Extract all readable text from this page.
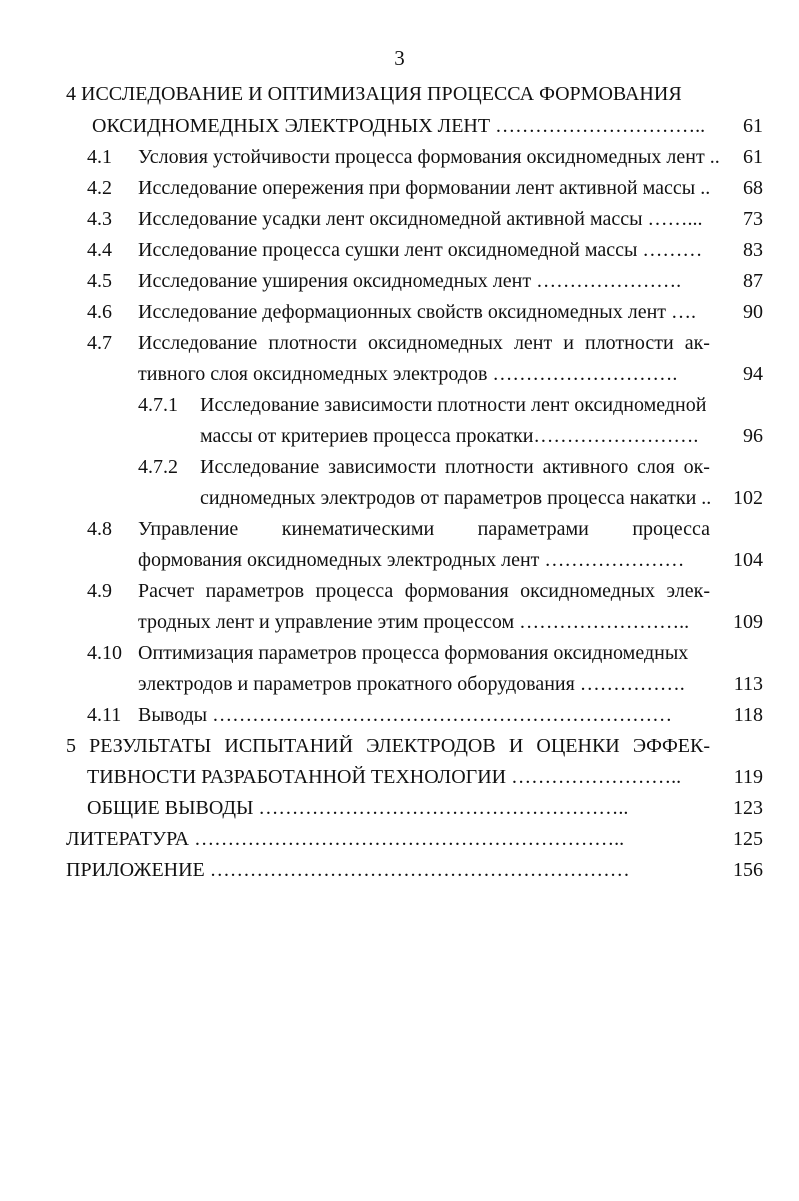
3
4 ИССЛЕДОВАНИЕ И ОПТИМИЗАЦИЯ ПРОЦЕССА ФОРМОВАНИЯ
ОКСИДНОМЕДНЫХ ЭЛЕКТРОДНЫХ ЛЕНТ …………………………..	61
4.1 Условия устойчивости процесса формования оксидномедных лент ..	61
4.2 Исследование опережения при формовании лент активной массы ..	68
4.3 Исследование усадки лент оксидномедной активной массы ……...	73
4.4 Исследование процесса сушки лент оксидномедной массы ………	83
4.5 Исследование уширения оксидномедных лент ………………….	87
4.6 Исследование деформационных свойств оксидномедных лент ….	90
4.7 Исследование плотности оксидномедных лент и плотности ак-
тивного слоя оксидномедных электродов ……………………….	94
4.7.1 Исследование зависимости плотности лент оксидномедной
массы от критериев процесса прокатки…………………….	96
4.7.2 Исследование зависимости плотности активного слоя ок-
сидномедных электродов от параметров процесса накатки ..	102
4.8 Управление кинематическими параметрами процесса
формования оксидномедных электродных лент …………………	104
4.9 Расчет параметров процесса формования оксидномедных элек-
тродных лент и управление этим процессом ……………………..	109
4.10 Оптимизация параметров процесса формования оксидномедных
электродов и параметров прокатного оборудования …………….	113
4.11 Выводы ……………………………………………………………	118
5 РЕЗУЛЬТАТЫ ИСПЫТАНИЙ ЭЛЕКТРОДОВ И ОЦЕНКИ ЭФФЕК-
ТИВНОСТИ РАЗРАБОТАННОЙ ТЕХНОЛОГИИ ……………………..	119
ОБЩИЕ ВЫВОДЫ ………………………………………………..	123
ЛИТЕРАТУРА ………………………………………………………..	125
ПРИЛОЖЕНИЕ ………………………………………………………	156
